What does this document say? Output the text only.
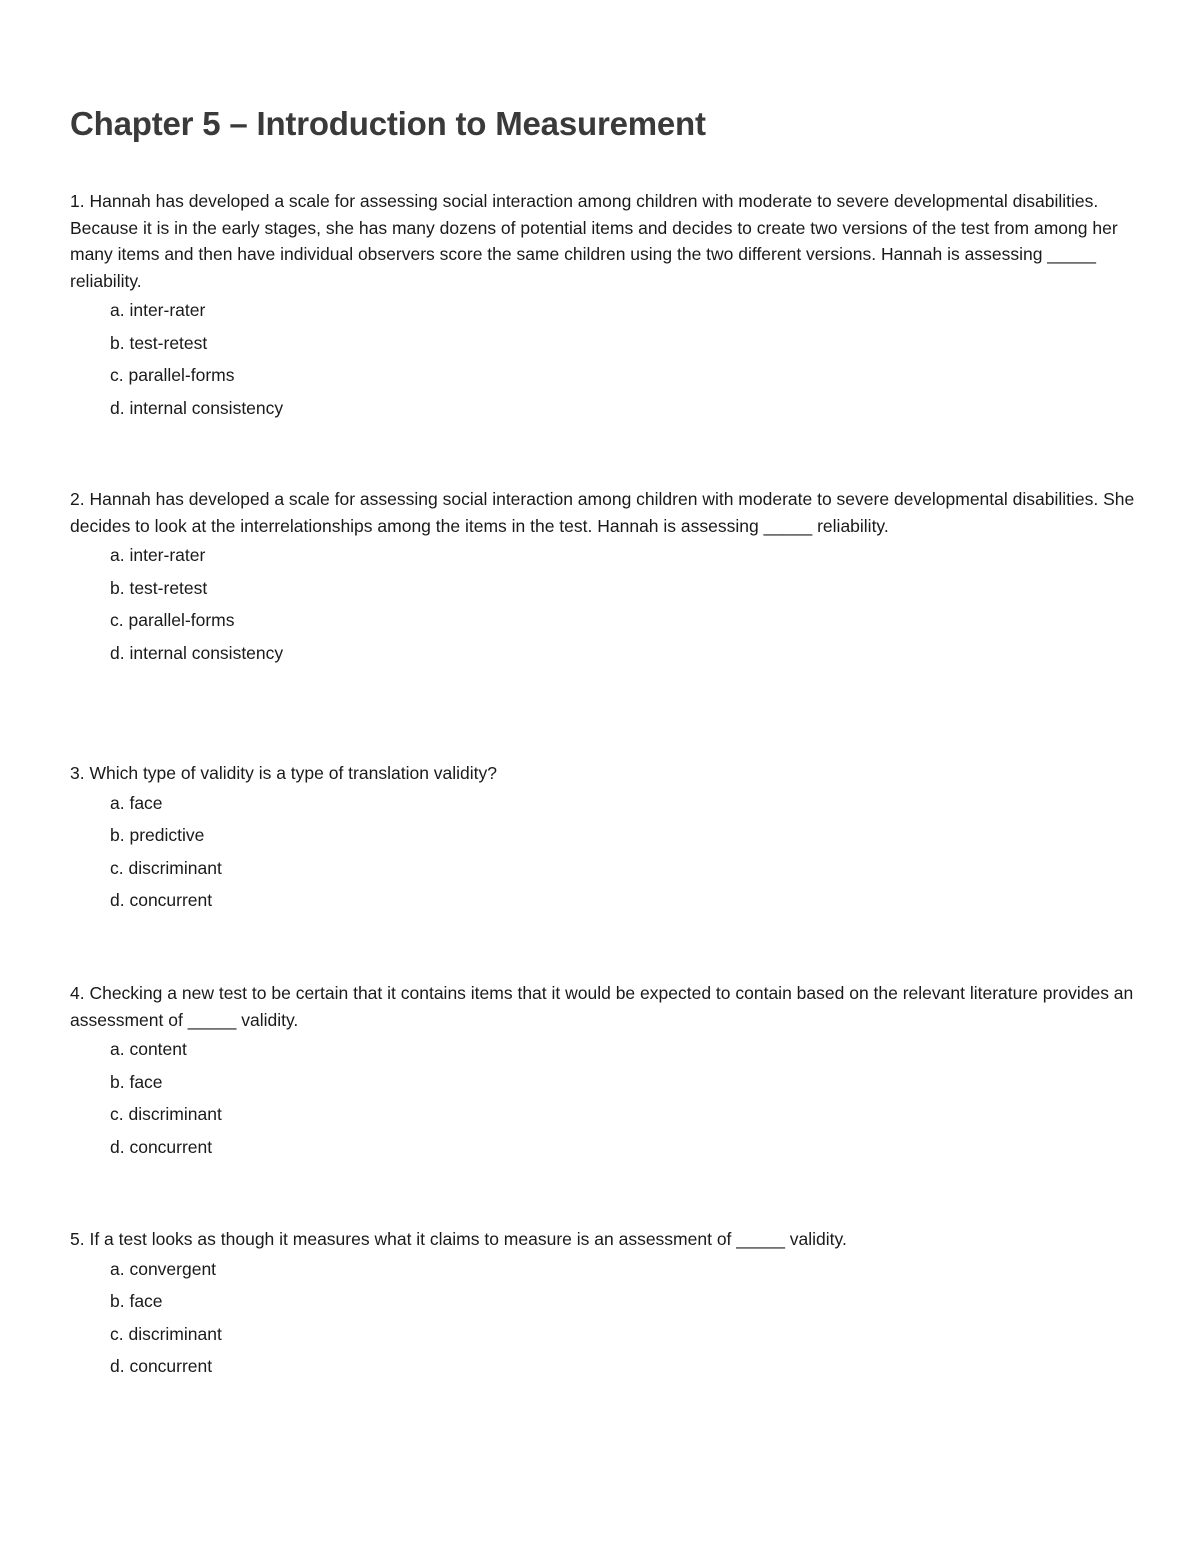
Chapter 5 – Introduction to Measurement

1. Hannah has developed a scale for assessing social interaction among children with moderate to severe developmental disabilities. Because it is in the early stages, she has many dozens of potential items and decides to create two versions of the test from among her many items and then have individual observers score the same children using the two different versions. Hannah is assessing _____ reliability.

a. inter-rater
b. test-retest
c. parallel-forms
d. internal consistency

2. Hannah has developed a scale for assessing social interaction among children with moderate to severe developmental disabilities. She decides to look at the interrelationships among the items in the test. Hannah is assessing _____ reliability.

a. inter-rater
b. test-retest
c. parallel-forms
d. internal consistency

3. Which type of validity is a type of translation validity?

a. face
b. predictive
c. discriminant
d. concurrent

4. Checking a new test to be certain that it contains items that it would be expected to contain based on the relevant literature provides an assessment of _____ validity.

a. content
b. face
c. discriminant
d. concurrent

5. If a test looks as though it measures what it claims to measure is an assessment of _____ validity.

a. convergent
b. face
c. discriminant
d. concurrent
